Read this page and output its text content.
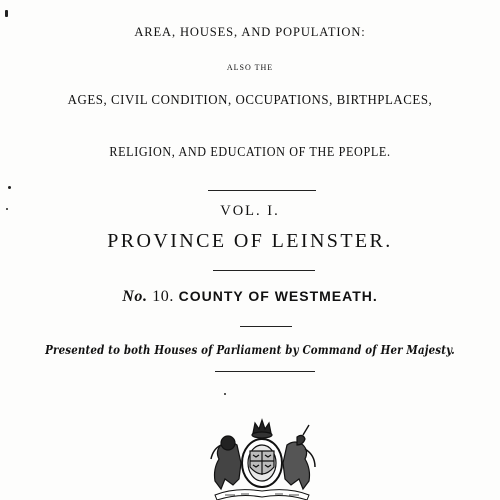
AREA, HOUSES, AND POPULATION:
ALSO THE
AGES, CIVIL CONDITION, OCCUPATIONS, BIRTHPLACES,
RELIGION, AND EDUCATION OF THE PEOPLE.
VOL. I.
PROVINCE OF LEINSTER.
No. 10. COUNTY OF WESTMEATH.
Presented to both Houses of Parliament by Command of Her Majesty.
